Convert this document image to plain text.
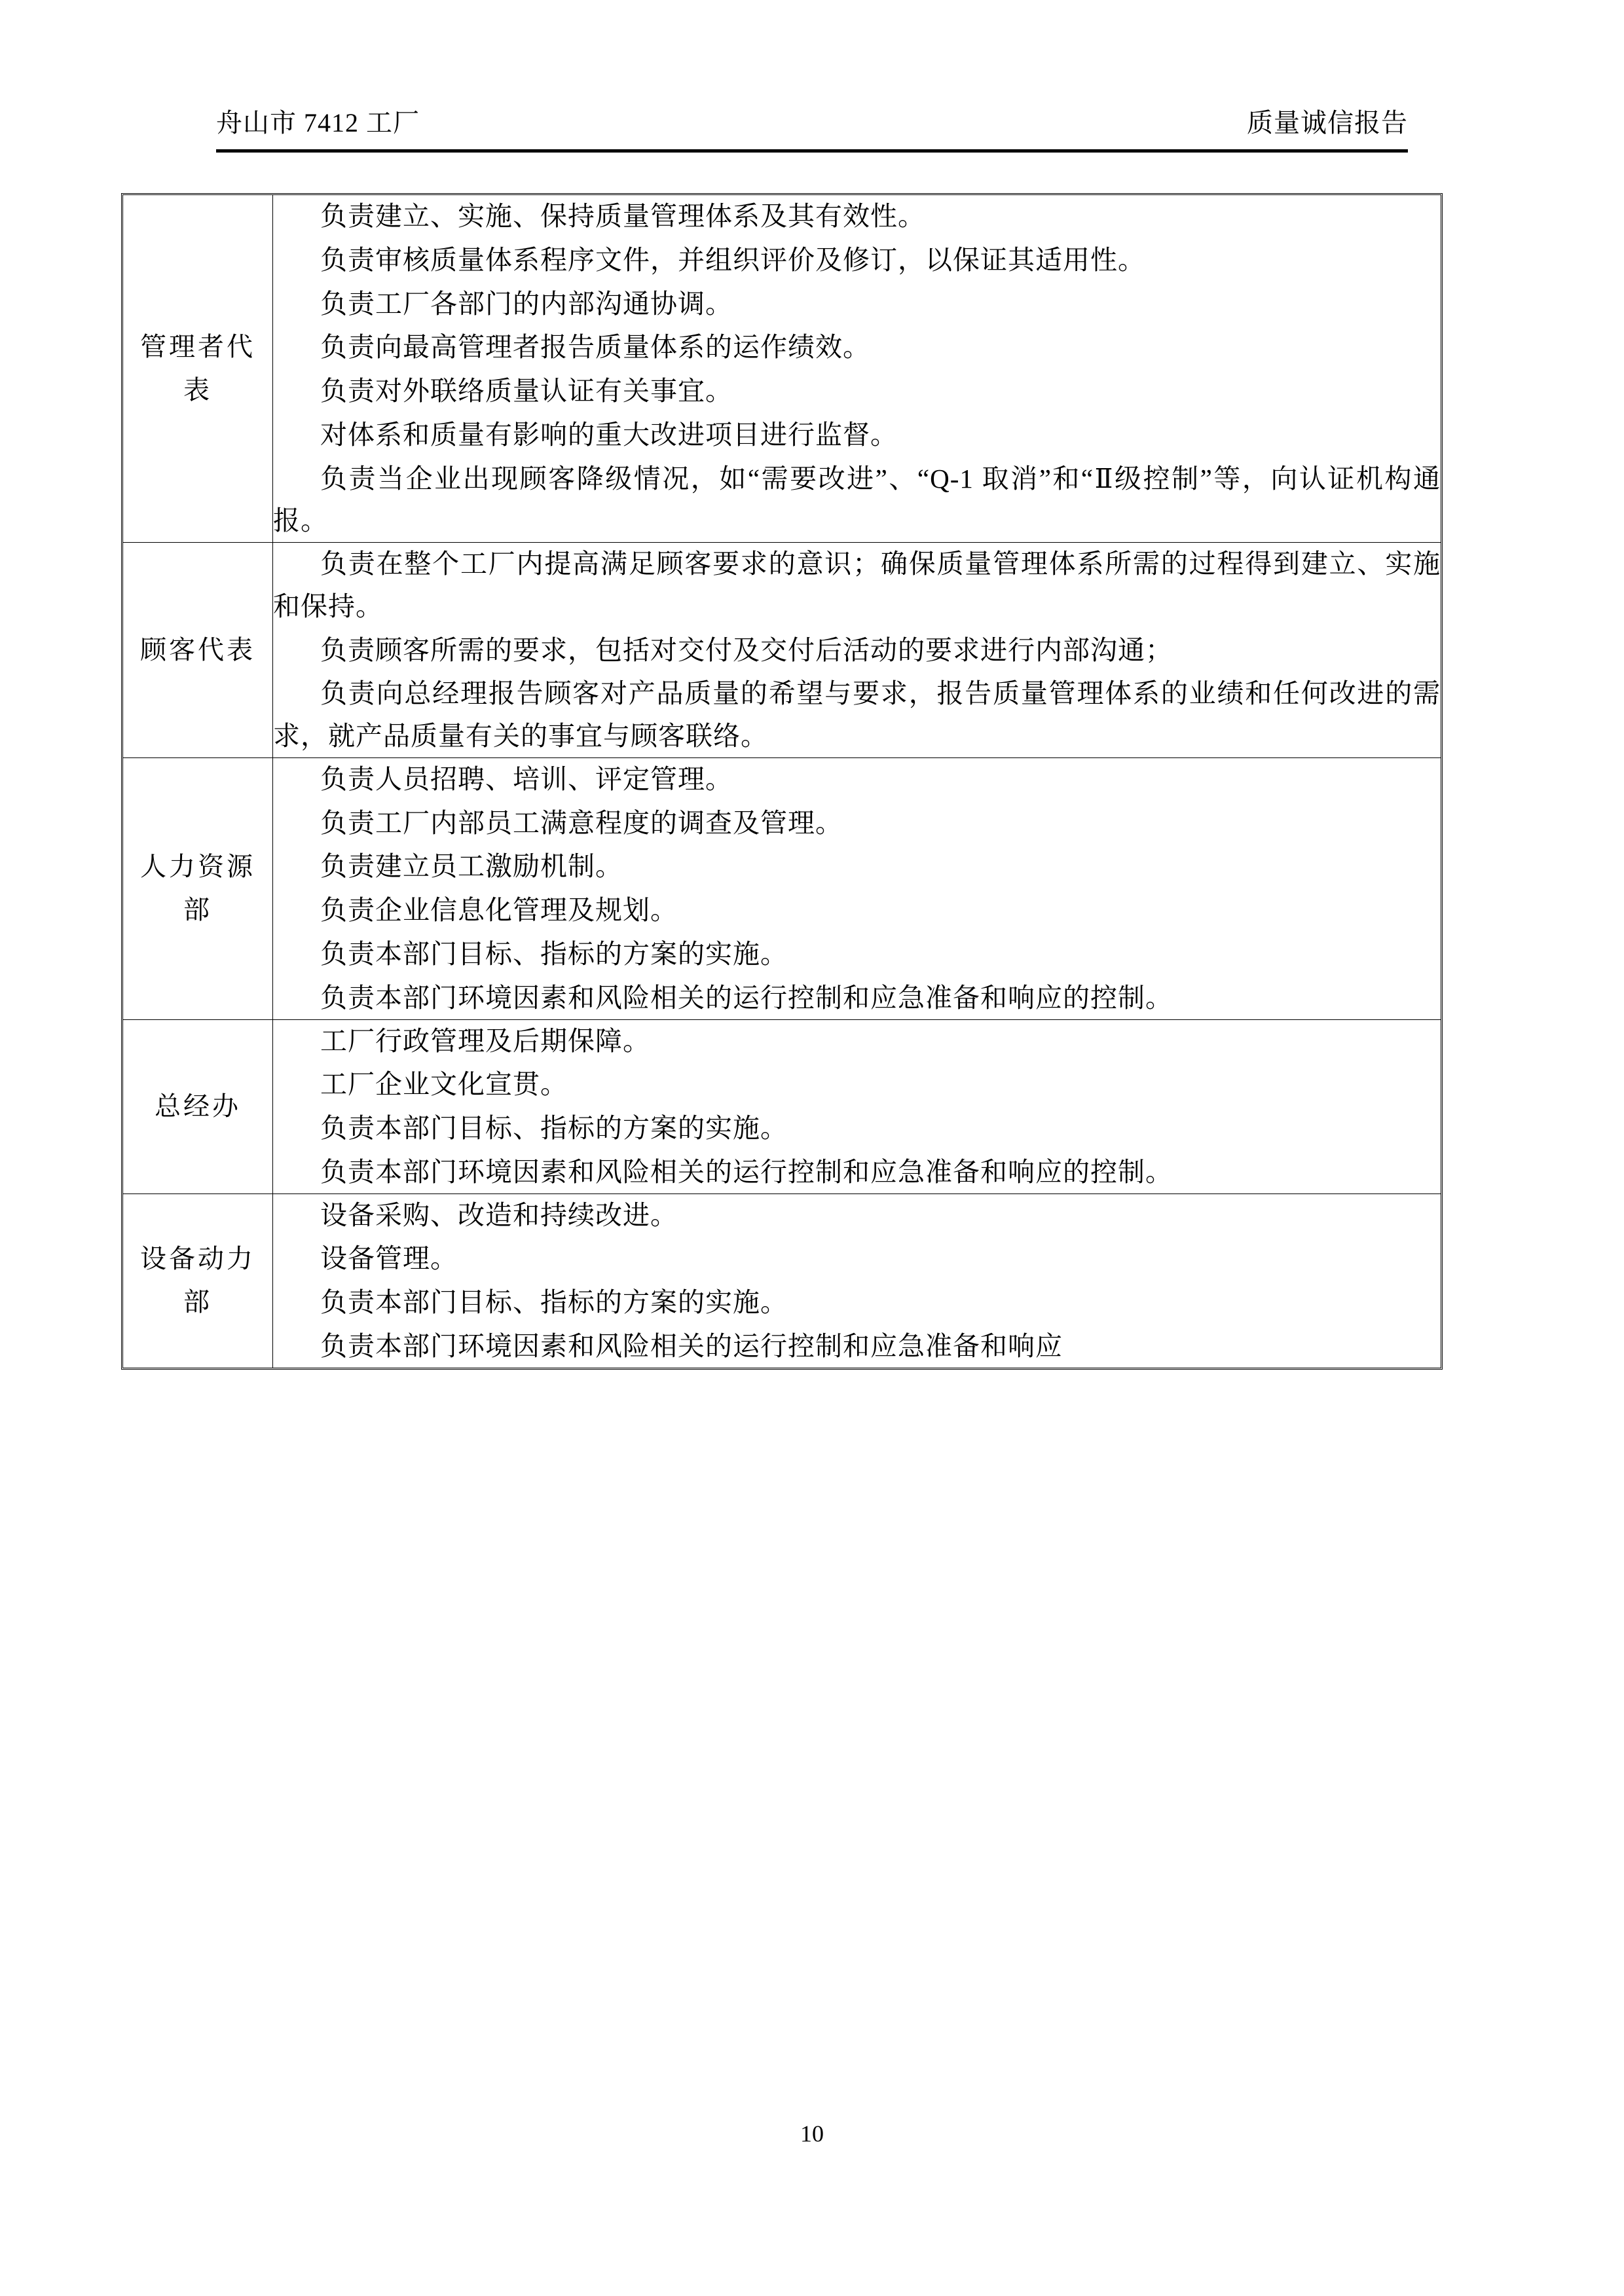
舟山市 7412 工厂	质量诚信报告
管理者代表

负责建立、实施、保持质量管理体系及其有效性。
负责审核质量体系程序文件，并组织评价及修订，以保证其适用性。
负责工厂各部门的内部沟通协调。
负责向最高管理者报告质量体系的运作绩效。
负责对外联络质量认证有关事宜。
对体系和质量有影响的重大改进项目进行监督。
负责当企业出现顾客降级情况，如“需要改进”、“Q-1 取消”和“Ⅱ级控制”等，向认证机构通报。

顾客代表

负责在整个工厂内提高满足顾客要求的意识；确保质量管理体系所需的过程得到建立、实施和保持。
负责顾客所需的要求，包括对交付及交付后活动的要求进行内部沟通；
负责向总经理报告顾客对产品质量的希望与要求，报告质量管理体系的业绩和任何改进的需求，就产品质量有关的事宜与顾客联络。

人力资源部

负责人员招聘、培训、评定管理。
负责工厂内部员工满意程度的调查及管理。
负责建立员工激励机制。
负责企业信息化管理及规划。
负责本部门目标、指标的方案的实施。
负责本部门环境因素和风险相关的运行控制和应急准备和响应的控制。

总经办

工厂行政管理及后期保障。
工厂企业文化宣贯。
负责本部门目标、指标的方案的实施。
负责本部门环境因素和风险相关的运行控制和应急准备和响应的控制。

设备动力部

设备采购、改造和持续改进。
设备管理。
负责本部门目标、指标的方案的实施。
负责本部门环境因素和风险相关的运行控制和应急准备和响应
10
